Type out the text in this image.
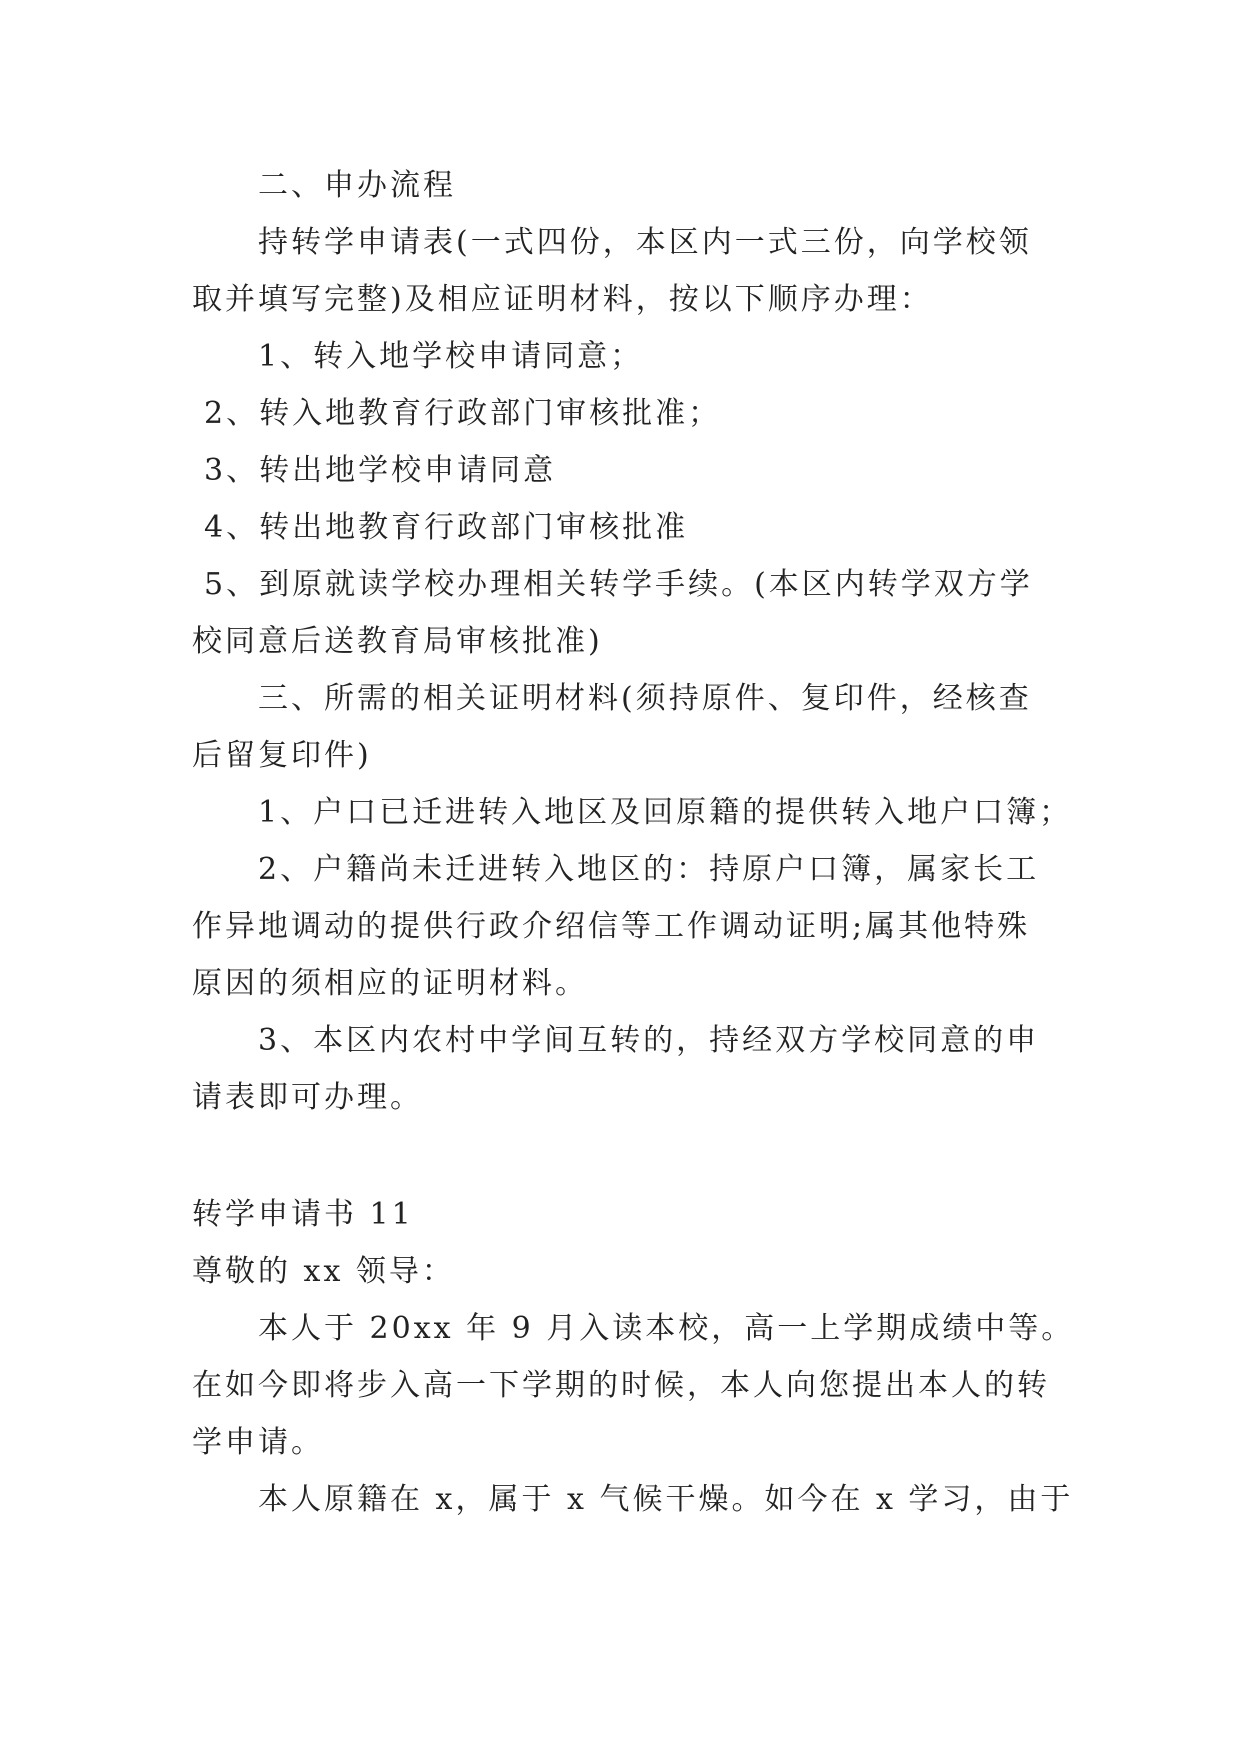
二、申办流程
持转学申请表(一式四份，本区内一式三份，向学校领
取并填写完整)及相应证明材料，按以下顺序办理：
1、转入地学校申请同意；
2、转入地教育行政部门审核批准；
3、转出地学校申请同意
4、转出地教育行政部门审核批准
5、到原就读学校办理相关转学手续。(本区内转学双方学
校同意后送教育局审核批准)
三、所需的相关证明材料(须持原件、复印件，经核查
后留复印件)
1、户口已迁进转入地区及回原籍的提供转入地户口簿；
2、户籍尚未迁进转入地区的：持原户口簿，属家长工
作异地调动的提供行政介绍信等工作调动证明;属其他特殊
原因的须相应的证明材料。
3、本区内农村中学间互转的，持经双方学校同意的申
请表即可办理。
转学申请书 11
尊敬的 xx 领导：
本人于 20xx 年 9 月入读本校，高一上学期成绩中等。
在如今即将步入高一下学期的时候，本人向您提出本人的转
学申请。
本人原籍在 x，属于 x 气候干燥。如今在 x 学习，由于
